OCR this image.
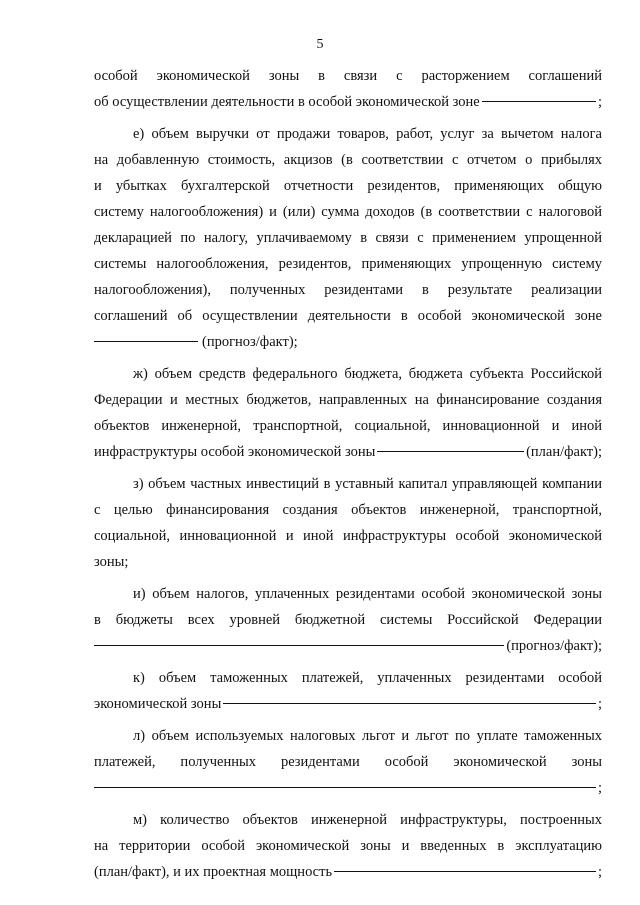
5
особой экономической зоны в связи с расторжением соглашений
об осуществлении деятельности в особой экономической зоне	;
е) объем выручки от продажи товаров, работ, услуг за вычетом налога
на добавленную стоимость, акцизов (в соответствии с отчетом о прибылях
и убытках бухгалтерской отчетности резидентов, применяющих общую
систему налогообложения) и (или) сумма доходов (в соответствии с налоговой
декларацией по налогу, уплачиваемому в связи с применением упрощенной
системы налогообложения, резидентов, применяющих упрощенную систему
налогообложения), полученных резидентами в результате реализации
соглашений об осуществлении деятельности в особой экономической зоне
(прогноз/факт);
ж) объем средств федерального бюджета, бюджета субъекта Российской
Федерации и местных бюджетов, направленных на финансирование создания
объектов инженерной, транспортной, социальной, инновационной и иной
инфраструктуры особой экономической зоны	(план/факт);
з) объем частных инвестиций в уставный капитал управляющей компании
с целью финансирования создания объектов инженерной, транспортной,
социальной, инновационной и иной инфраструктуры особой экономической
зоны;
и) объем налогов, уплаченных резидентами особой экономической зоны
в бюджеты всех уровней бюджетной системы Российской Федерации
(прогноз/факт);
к) объем таможенных платежей, уплаченных резидентами особой
экономической зоны	;
л) объем используемых налоговых льгот и льгот по уплате таможенных
платежей, полученных резидентами особой экономической зоны
;
м) количество объектов инженерной инфраструктуры, построенных
на территории особой экономической зоны и введенных в эксплуатацию
(план/факт), и их проектная мощность	;
